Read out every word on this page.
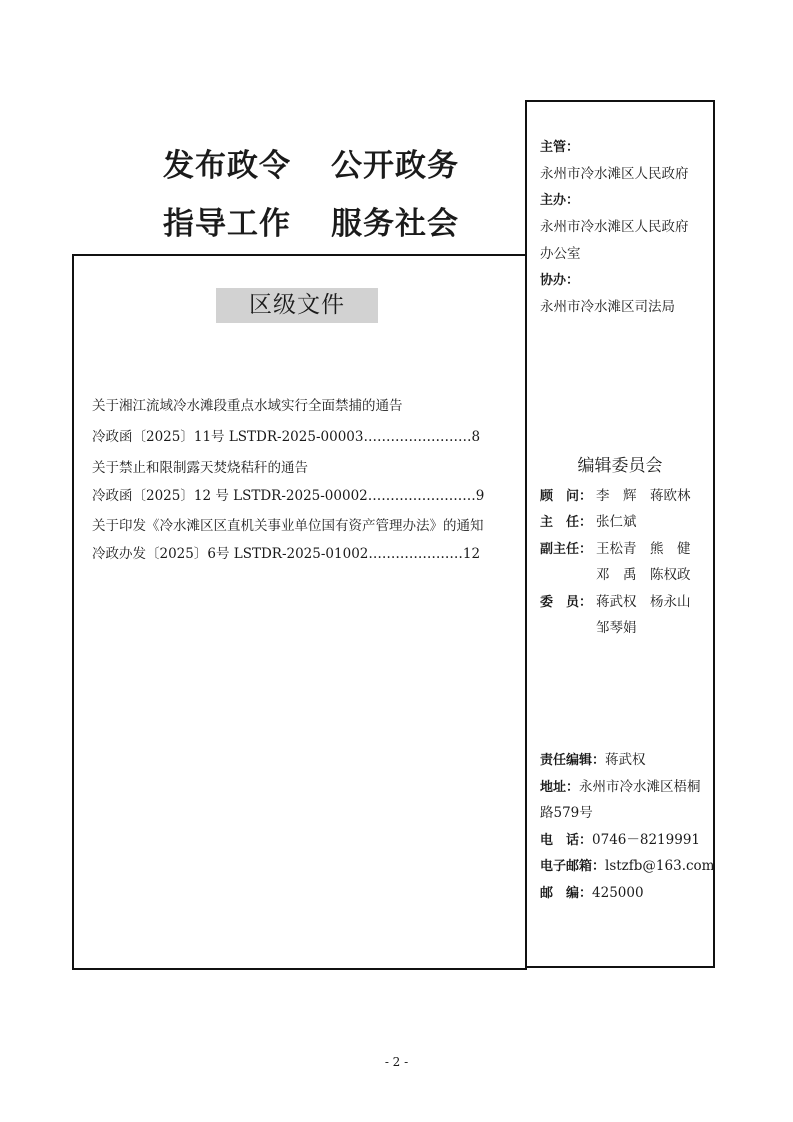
发布政令 公开政务
指导工作 服务社会
区级文件
关于湘江流域冷水滩段重点水域实行全面禁捕的通告
冷政函〔2025〕11号 LSTDR-2025-00003……………………8
关于禁止和限制露天焚烧秸秆的通告
冷政函〔2025〕12 号 LSTDR-2025-00002……………………9
关于印发《冷水滩区区直机关事业单位国有资产管理办法》的通知
冷政办发〔2025〕6号 LSTDR-2025-01002…………………12
主管：
永州市冷水滩区人民政府
主办：
永州市冷水滩区人民政府
办公室
协办：
永州市冷水滩区司法局
编辑委员会
顾　问： 李　辉　蒋欧林
主　任： 张仁斌
副主任： 王松青　熊　健
邓　禹　陈权政
委　员： 蒋武权　杨永山
邹琴娟
责任编辑：蒋武权
地址：永州市冷水滩区梧桐
路579号
电　话：0746－8219991
电子邮箱：lstzfb@163.com
邮　编：425000
- 2 -
